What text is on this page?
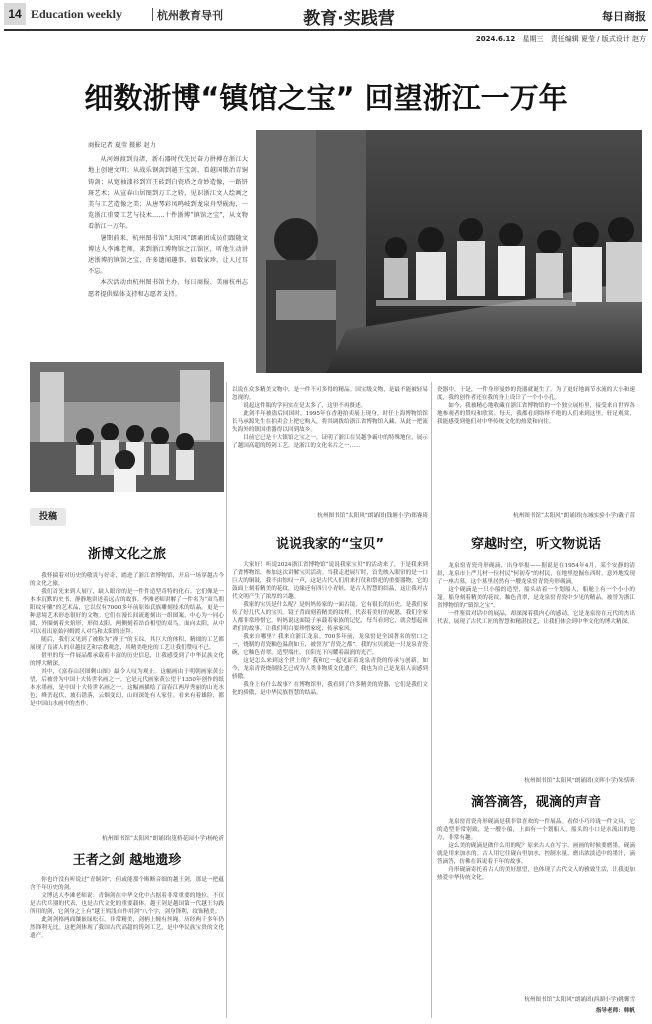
14 Education weekly	杭州教育导刊	教育·实践营	每日商报
2024.6.12 星期三 责任编辑 夏莹 / 版式设计 赵方
细数浙博“镇馆之宝” 回望浙江一万年
商报记者 夏莹 摄影 赵力

从河姆渡到良渚，新石器时代先民奋力拼搏在浙江大地上创建文明；从战乐钢剑到越王宝剑，看越国锻冶青铜铸剑；从宽袖漆衫到宫王砖到白瓷塔之奇妙造像，一路饼斑艺术；从宣春山居图到万工之轿，见识浙江文人绘画之美与工艺造像之美；从唐琴彩凤鸣岐到龙泉舟型砚海，一览浙江重要工艺与技术……十件浙博“镇馆之宝”，从文物看浙江一万年。

暑期前来，杭州图书馆“太阳风”朗诵团成员们跟随文博达人李滩老师，来到浙江博物馆之江馆区，听他生动讲述浙博的镇馆之宝，许多遗闻趣事，如数家珍，让人过耳不忘。

本次活动由杭州图书馆主办，每日商报、美丽杭州志愿者提供媒体支持和志愿者支持。

投稿
浙博文化之旅

我怀揣着对历史的敬畏与好奇，踏进了浙江省博物馆，开启一场穿越古今的文化之旅。

我们首先来到人展厅，缺人眼帘的是一件件造型奇特的化石。它们像是一本本沉默的史书，静静地讲述着远古的故事。李滩老师讲解了一件名为“双鸟朝阳纹牙雕”的艺术品，它以仅有7000多年前原始氏族雕刻技术的结晶。更是一种意境艺术形态很好的文物。它们在漫长间流逝刻出一组图案，中心为一同心圆，外圈刻着火焰形，形似太阳。两侧刻着昂首相望的双鸟。面向太阳，从中可以看出原始河姆渡人对鸟和太阳的崇拜。

随后，我们又见到了被称为“禅王”的玉琮，其巨大的体积、精细的工艺都展现了良渚人的卓越技艺和宗教观念，其精美绝伦的工艺让我们赞叹不已。

借里的每一件展品都承载着丰富的历史信息，让我感受到了中华民族文化的博大精深。

其中，《富春山居图剩山图》最令人叹为观止。这幅画由于明朝画家黄公望，后被誉为中国十大传世名画之一。它是元代画家黄公望于1350年创作的纸本水墨画，是中国十大传世名画之一。这幅画描绘了富春江两岸秀丽的山光水色，峰峦起伏，坡石错落，云烟变幻，山间深处有人家住。看来有着雄险，都是中国山水画中的杰作。

杭州图书馆“太阳风”朗诵团(笕桥花园小学)杨纶祈
王者之剑 越地遗珍

你也许没有听说过“青铜剑”，但或能那个断断音细的越王剑，那是一把蕴含千年历史的剑。

文博达人李滩老师说：青铜剑在中华文化中占据着非常重要的地位，不仅是古代兵器的代表，也是古代文化的重要载体。越王剑是越国第一代越王勾践所用的剑，它剑身之上有“越王鸠浅自作用剑”八个字，剑身锋利，纹饰精美。

此剑剑格两面镶嵌绿松石，非常精美，剑柄上缠有丝绳。历经两千多年仍然锋利无比。这把剑体现了我国古代高超的铸剑工艺，是中华民族宝贵的文化遗产。

以说在众多精美文物中，是一件不可多得的精品。国宝级文物，是最不能被轻易忽视的。

说起这件瓶的学问实在是太多了，这里不再赘述。

此剑半年被盗后回国时，1995年在香港拍卖展上现身。时任上海博物馆馆长马承源先生在拍卖会上把它购入，将其调拨给浙江省博物馆入藏，从此一把流失海外的镇国重器得以回到故乡。

目前它已是十大镇馆之宝之一，证明了浙江在吴越争霸中的特殊地位，展示了越国高超的铸剑工艺，是浙江的文化名片之一……

杭州图书馆“太阳风”朗诵团(钱塘小学)郑睿琦
说说我家的“宝贝”

大家好！听说2024浙江省博物馆“说说我家宝贝”的活动来了，于是我来到了省博物馆，参加这次讲解宝贝活动。当我走进展厅时，首先映入眼帘的是一口巨大的铜鼓，我不由惊叹一声，这是古代人们用来打仗和祭祀的重要器物，它的鼓面上刻着精美的花纹，边缘还有四只小青蛙，是古人智慧的结晶，这让我对古代文明产生了浓厚的兴趣。

我家的宝贝是什么呢？是妈妈传家的一面古镜，它有很长的历史，是我们家传了好几代人的宝贝。镜子背面刻着精美的纹样，代表着美好的祝愿，我们全家人都非常珍惜它。妈妈说这面镜子承载着家族的记忆，每当看到它，就会想起祖辈们的故事，让我们明白要珍惜家庭、传承家风。

我来自哪里？我来自浙江龙泉。700多年前，龙泉窑是全国著名的窑口之一，烧制的青瓷釉色温润如玉，被誉为“青瓷之都”。我的宝贝就是一只龙泉青瓷碗，它釉色青翠，造型端庄，在阳光下闪耀着温润的光芒。

这是怎么来到这个世上的？我和它一起见证着龙泉青瓷的传承与创新。如今，龙泉青瓷烧制技艺已成为人类非物质文化遗产，我也为自己是龙泉人而感到骄傲。

我身上有什么故事？在博物馆里，我看到了许多精美的瓷器，它们是我们文化的骄傲，是中华民族智慧的结晶。

瓷器中，于是，一件身形曼妙的瓷器就诞生了。为了更好地调节水流的大小和速度，我的创作者还在我的身上设计了一个小小孔。

如今，我被精心地收藏在浙江省博物馆的一个独立展柜里，接受来自世界各地参观者的赞叹和欣赏。每天，我都看到络绎不绝的人们来到这里，驻足观赏，我能感受到他们对中华传统文化的热爱和向往。

杭州图书馆“太阳风”朗诵团(东城实验小学)戴子萱
穿越时空，听文物说话

龙泉窑青瓷舟形砚滴，出身举报——据说是在1954年4月，某个安静的清晨，龙泉市上严儿村一位村民“何初寿”的村民，在地里挖掘东西时，意外地发现了一座古墓，这个墓里居然有一艘龙泉窑青瓷舟形砚滴。

这个砚滴是一只小船的造型，船头站着一个划船人，船舱上有一个小小的篷。船身刻着精美的花纹，釉色青翠，是龙泉窑青瓷中少见的精品，被誉为浙江省博物馆的“镇馆之宝”。

一件鉴赏对话中的展品，却深深着我内心的感动，它是龙泉窑在元代的杰出代表，展现了古代工匠的智慧和精湛技艺，让我们体会到中华文化的博大精深。

杭州图书馆“太阳风”朗诵团(文晖小学)朱恬昕
滴答滴答，砚滴的声音

龙泉窑青瓷舟形砚滴是我非常喜欢的一件展品。看似小巧玲珑一件文具，它的造型非常别致，是一艘小船，上面有一个划船人，船头的小口是水流出的地方，非常有趣。

这么美的砚滴是做什么用的呢？原来古人在写字、画画的时候要磨墨，砚滴就是用来加水的。古人用它往砚台里加水，控制水量，磨出浓淡适中的墨汁，滴答滴答，仿佛在诉说着千年的故事。

舟形砚滴寄托着古人的美好愿望，也体现了古代文人的雅致生活，让我更加热爱中华传统文化。

杭州图书馆“太阳风”朗诵团(西湖小学)姚馨雪
指导老师：韩帆
